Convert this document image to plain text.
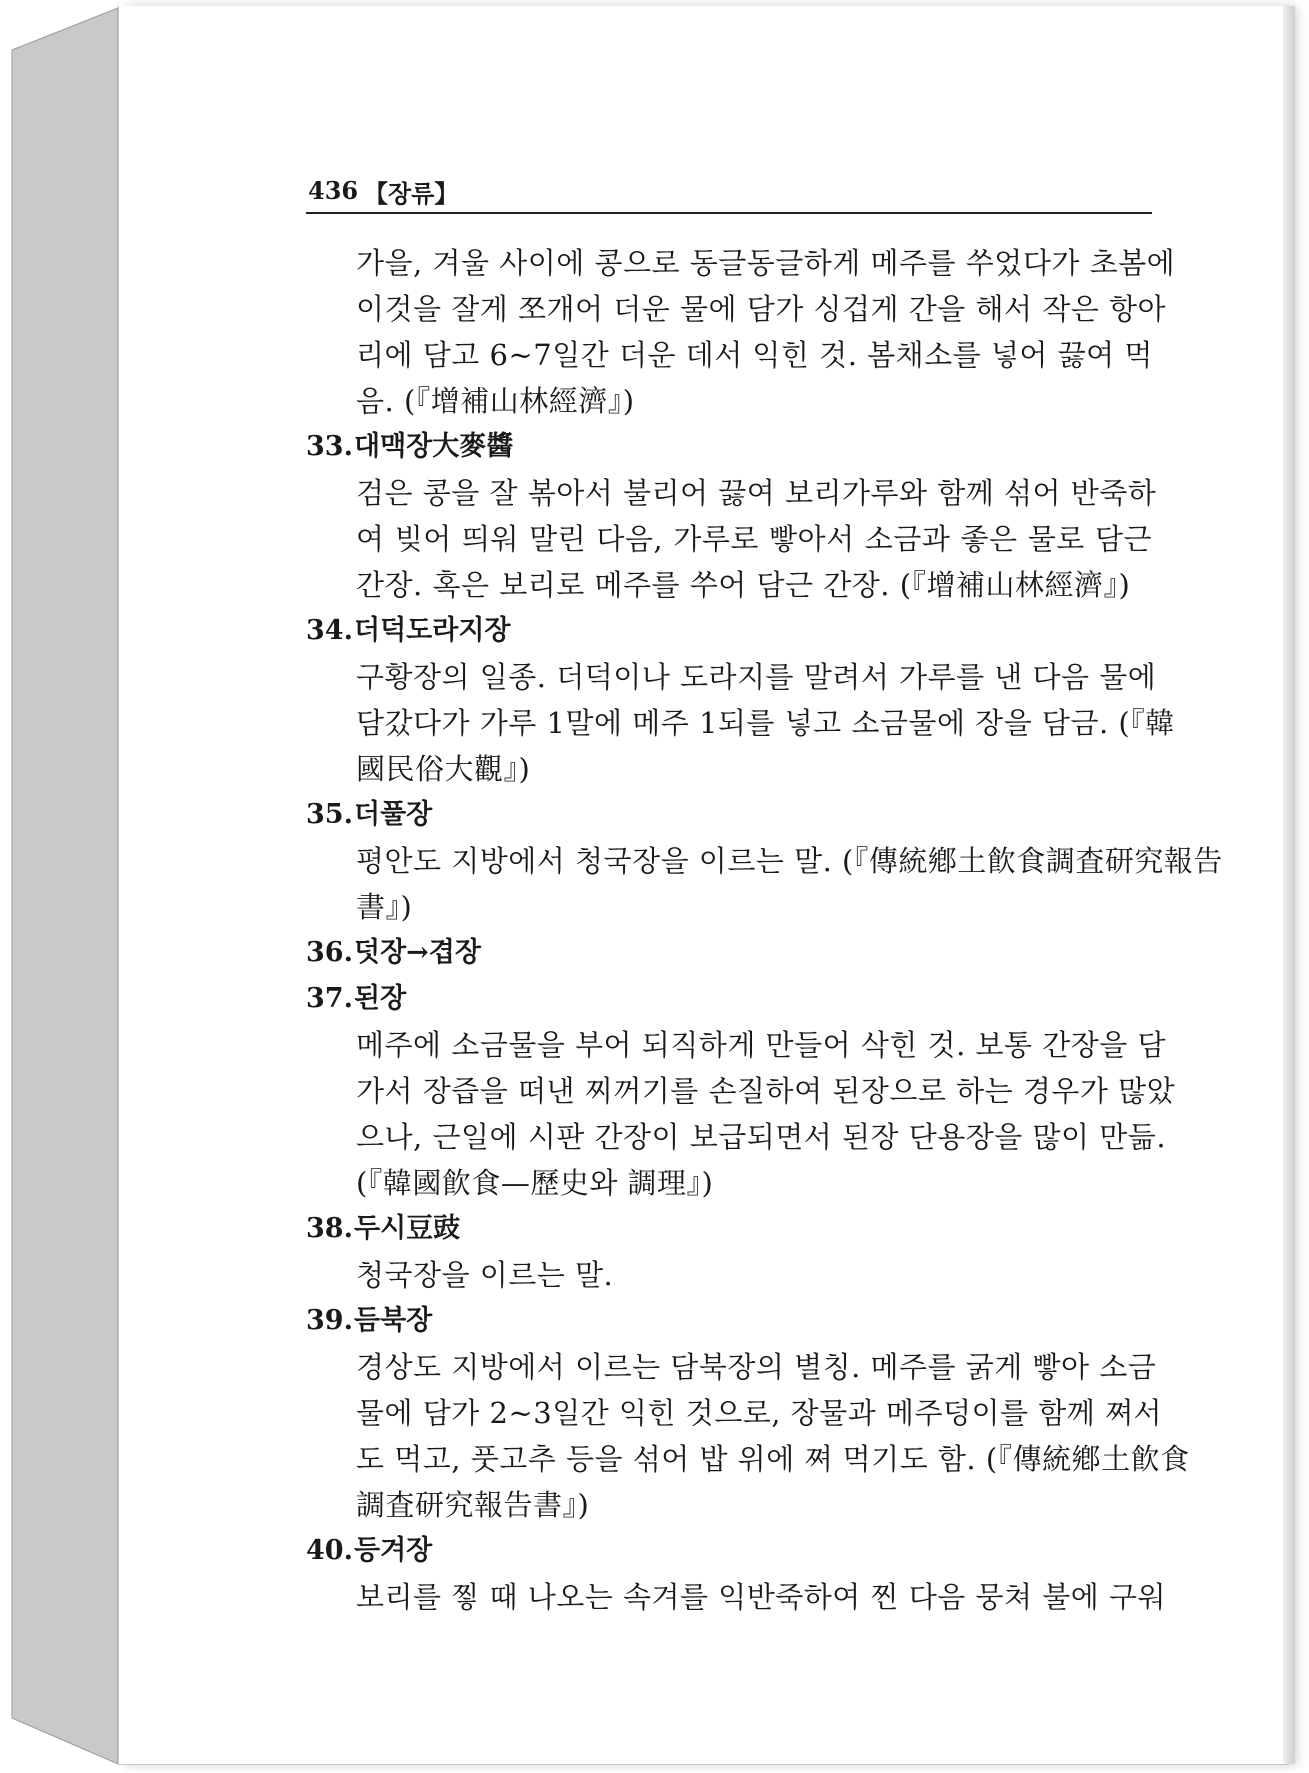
436 【장류】
가을, 겨울 사이에 콩으로 동글동글하게 메주를 쑤었다가 초봄에
이것을 잘게 쪼개어 더운 물에 담가 싱겁게 간을 해서 작은 항아
리에 담고 6~7일간 더운 데서 익힌 것. 봄채소를 넣어 끓여 먹
음. (『增補山林經濟』)
33.대맥장大麥醬
검은 콩을 잘 볶아서 불리어 끓여 보리가루와 함께 섞어 반죽하
여 빚어 띄워 말린 다음, 가루로 빻아서 소금과 좋은 물로 담근
간장. 혹은 보리로 메주를 쑤어 담근 간장. (『增補山林經濟』)
34.더덕도라지장
구황장의 일종. 더덕이나 도라지를 말려서 가루를 낸 다음 물에
담갔다가 가루 1말에 메주 1되를 넣고 소금물에 장을 담금. (『韓
國民俗大觀』)
35.더풀장
평안도 지방에서 청국장을 이르는 말. (『傳統鄕土飮食調査研究報告
書』)
36.덧장→겹장
37.된장
메주에 소금물을 부어 되직하게 만들어 삭힌 것. 보통 간장을 담
가서 장즙을 떠낸 찌꺼기를 손질하여 된장으로 하는 경우가 많았
으나, 근일에 시판 간장이 보급되면서 된장 단용장을 많이 만듦.
(『韓國飮食—歷史와 調理』)
38.두시豆豉
청국장을 이르는 말.
39.듬북장
경상도 지방에서 이르는 담북장의 별칭. 메주를 굵게 빻아 소금
물에 담가 2~3일간 익힌 것으로, 장물과 메주덩이를 함께 쪄서
도 먹고, 풋고추 등을 섞어 밥 위에 쪄 먹기도 함. (『傳統鄕土飮食
調査研究報告書』)
40.등겨장
보리를 찧 때 나오는 속겨를 익반죽하여 찐 다음 뭉쳐 불에 구워
